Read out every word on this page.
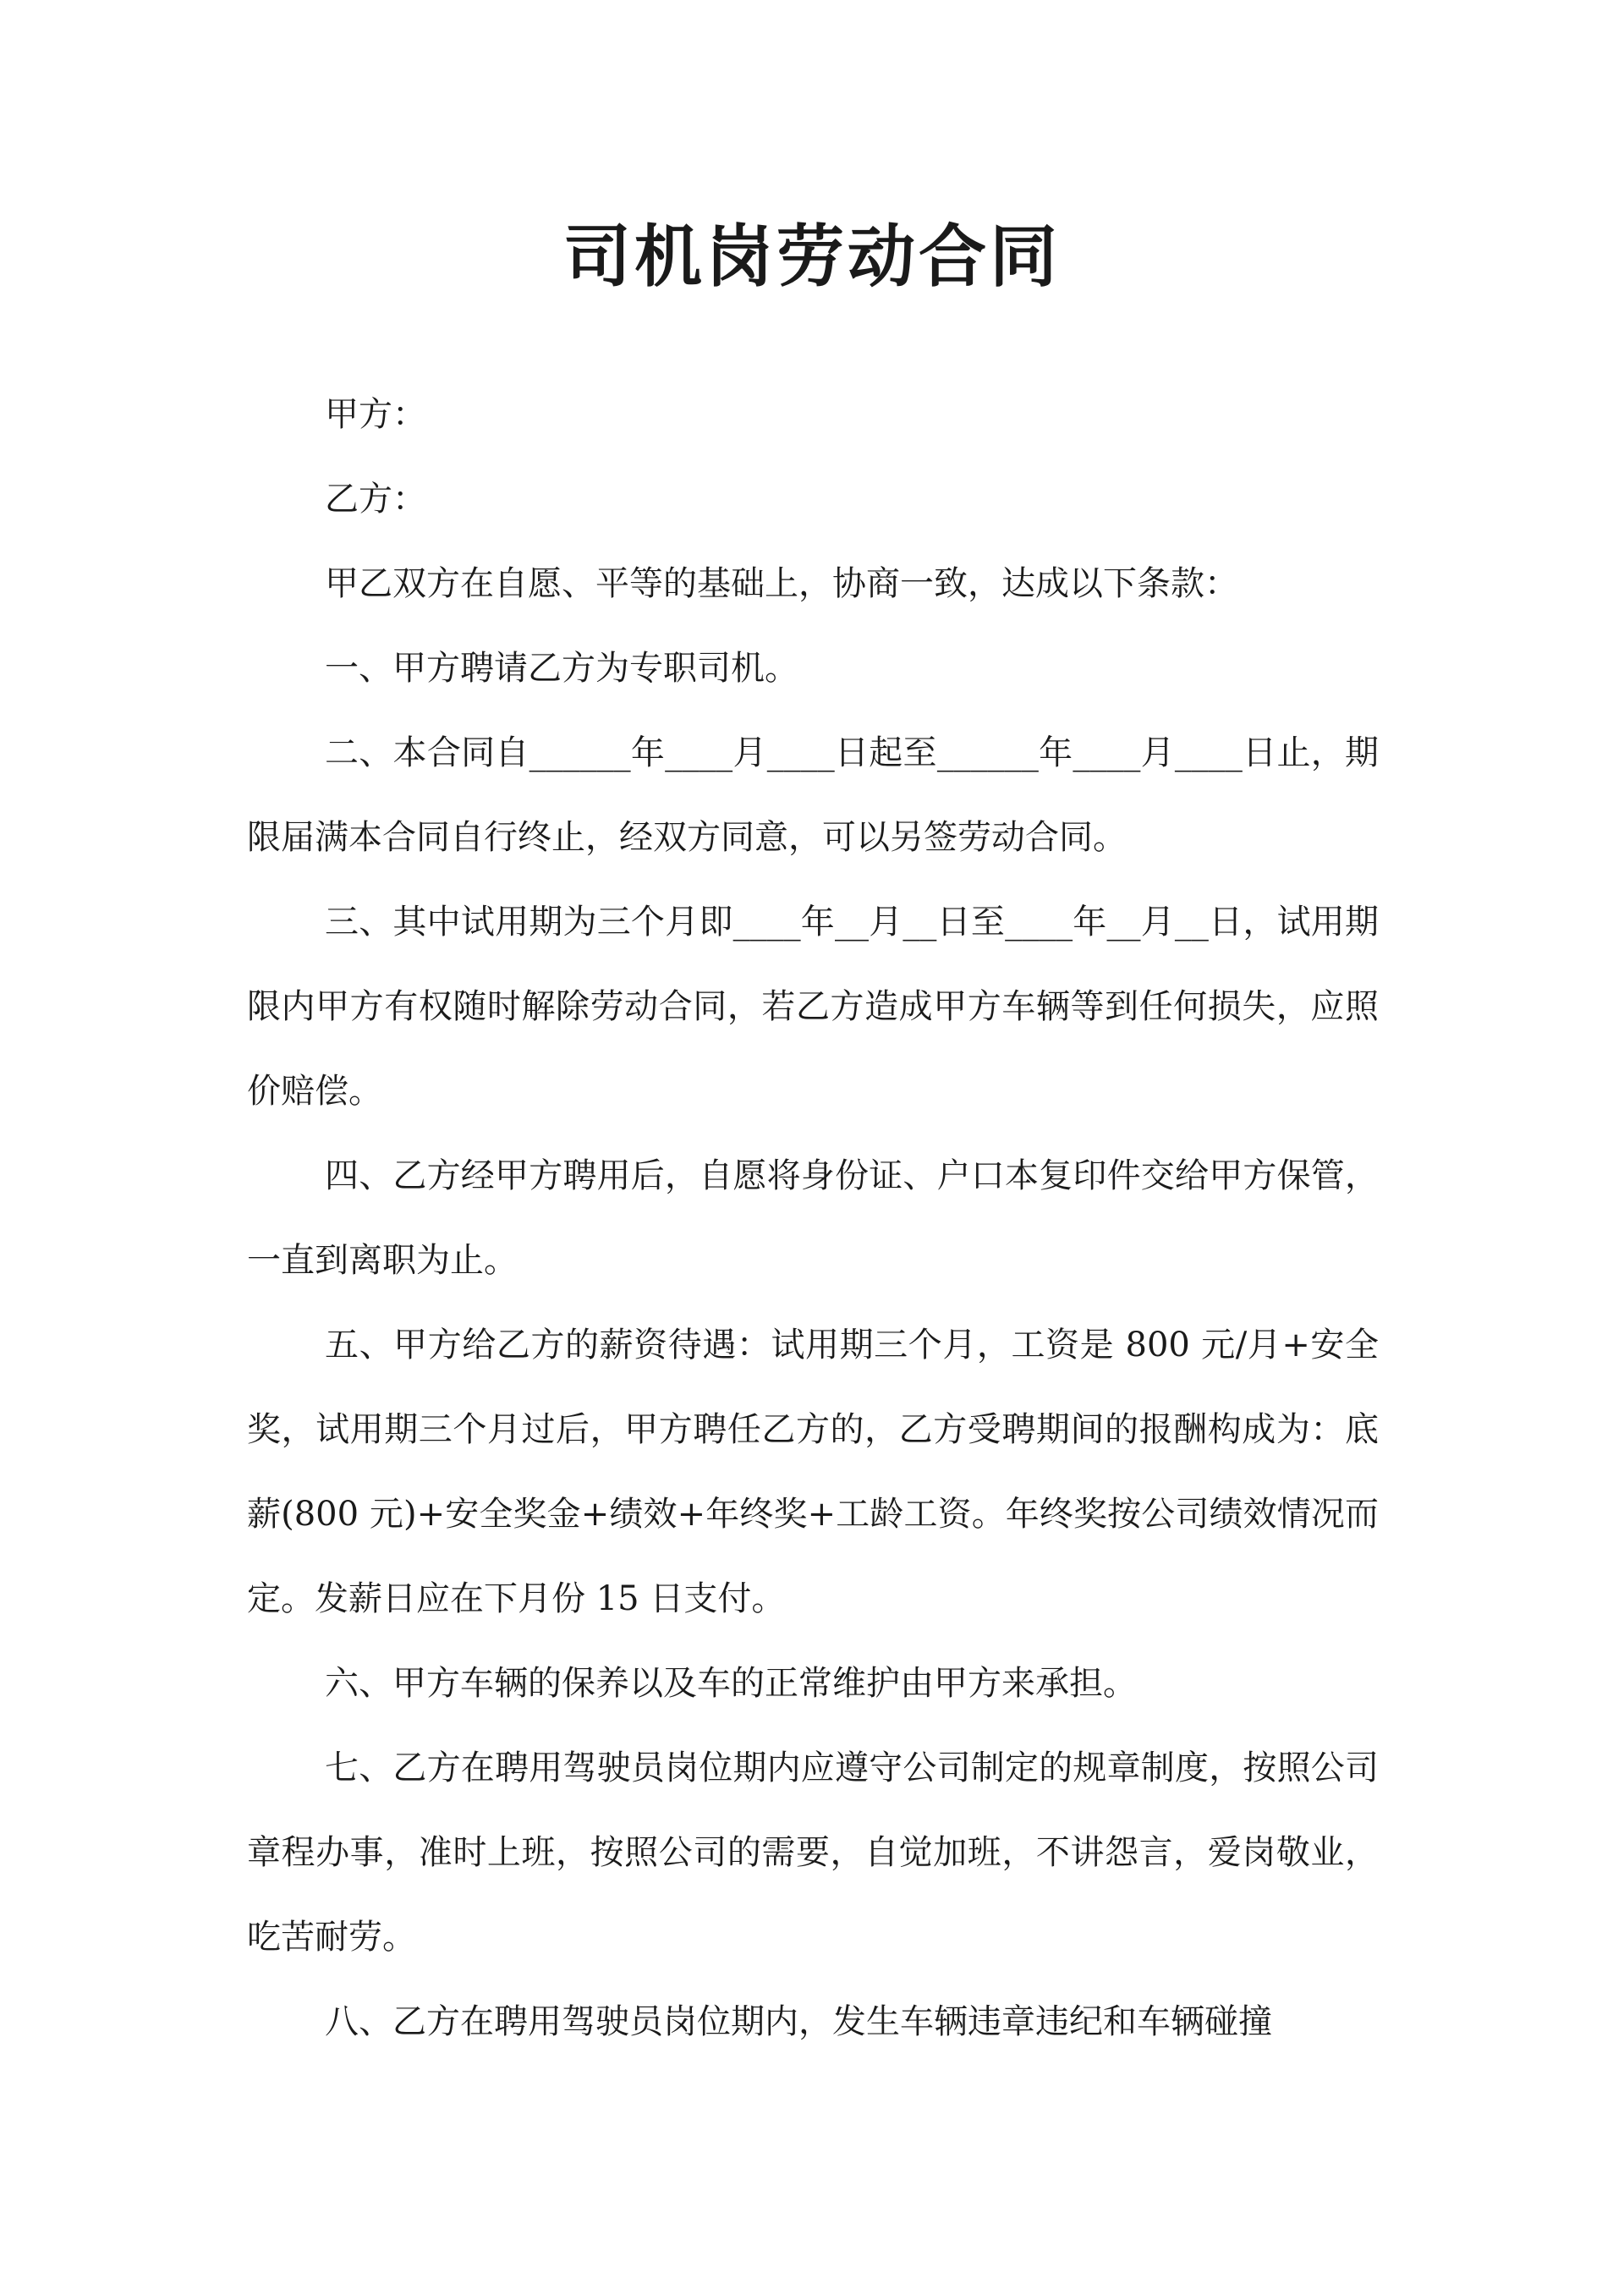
司机岗劳动合同

甲方：

乙方：

甲乙双方在自愿、平等的基础上，协商一致，达成以下条款：

一、甲方聘请乙方为专职司机。

二、本合同自______年____月____日起至______年____月____日止，期限届满本合同自行终止，经双方同意，可以另签劳动合同。

三、其中试用期为三个月即____年__月__日至____年__月__日，试用期限内甲方有权随时解除劳动合同，若乙方造成甲方车辆等到任何损失，应照价赔偿。

四、乙方经甲方聘用后，自愿将身份证、户口本复印件交给甲方保管，一直到离职为止。

五、甲方给乙方的薪资待遇：试用期三个月，工资是 800 元/月+安全奖，试用期三个月过后，甲方聘任乙方的，乙方受聘期间的报酬构成为：底薪(800 元)+安全奖金+绩效+年终奖+工龄工资。年终奖按公司绩效情况而定。发薪日应在下月份 15 日支付。

六、甲方车辆的保养以及车的正常维护由甲方来承担。

七、乙方在聘用驾驶员岗位期内应遵守公司制定的规章制度，按照公司章程办事，准时上班，按照公司的需要，自觉加班，不讲怨言，爱岗敬业，吃苦耐劳。

八、乙方在聘用驾驶员岗位期内，发生车辆违章违纪和车辆碰撞
